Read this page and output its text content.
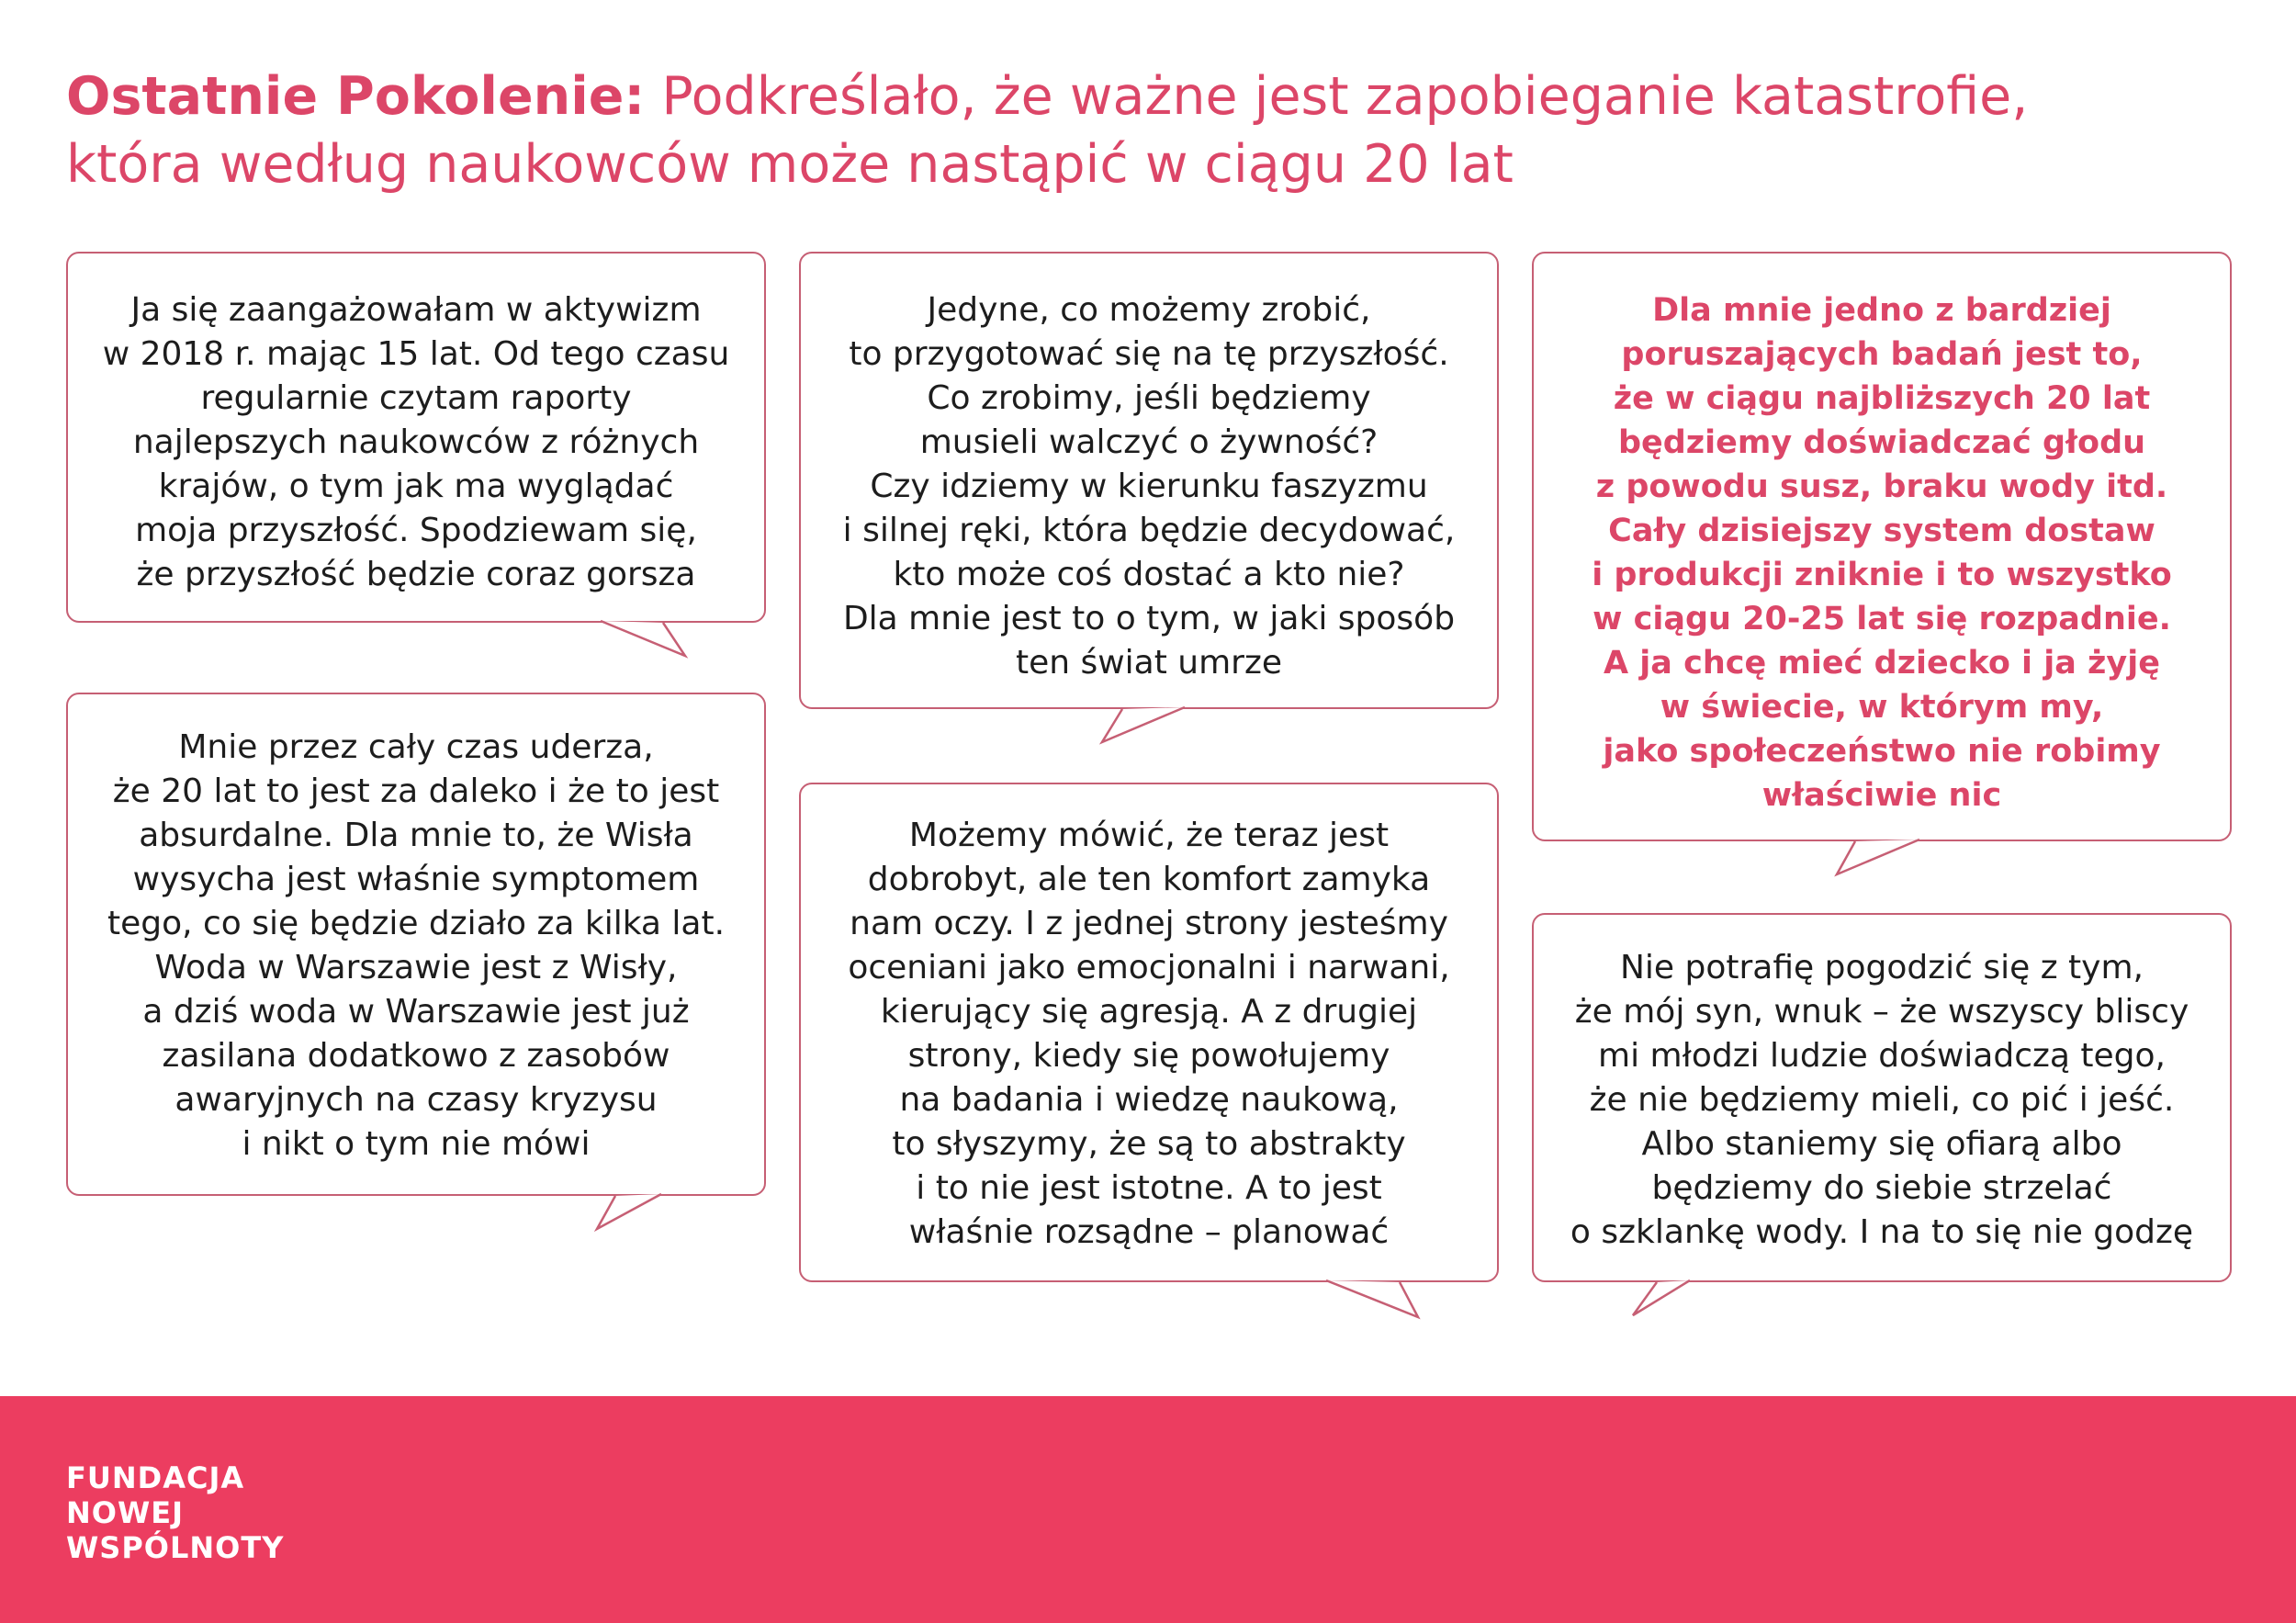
Ostatnie Pokolenie: Podkreślało, że ważne jest zapobieganie katastrofie,
która według naukowców może nastąpić w ciągu 20 lat
Ja się zaangażowałam w aktywizm
w 2018 r. mając 15 lat. Od tego czasu
regularnie czytam raporty
najlepszych naukowców z różnych
krajów, o tym jak ma wyglądać
moja przyszłość. Spodziewam się,
że przyszłość będzie coraz gorsza
Mnie przez cały czas uderza,
że 20 lat to jest za daleko i że to jest
absurdalne. Dla mnie to, że Wisła
wysycha jest właśnie symptomem
tego, co się będzie działo za kilka lat.
Woda w Warszawie jest z Wisły,
a dziś woda w Warszawie jest już
zasilana dodatkowo z zasobów
awaryjnych na czasy kryzysu
i nikt o tym nie mówi
Jedyne, co możemy zrobić,
to przygotować się na tę przyszłość.
Co zrobimy, jeśli będziemy
musieli walczyć o żywność?
Czy idziemy w kierunku faszyzmu
i silnej ręki, która będzie decydować,
kto może coś dostać a kto nie?
Dla mnie jest to o tym, w jaki sposób
ten świat umrze
Możemy mówić, że teraz jest
dobrobyt, ale ten komfort zamyka
nam oczy. I z jednej strony jesteśmy
oceniani jako emocjonalni i narwani,
kierujący się agresją. A z drugiej
strony, kiedy się powołujemy
na badania i wiedzę naukową,
to słyszymy, że są to abstrakty
i to nie jest istotne. A to jest
właśnie rozsądne – planować
Dla mnie jedno z bardziej
poruszających badań jest to,
że w ciągu najbliższych 20 lat
będziemy doświadczać głodu
z powodu susz, braku wody itd.
Cały dzisiejszy system dostaw
i produkcji zniknie i to wszystko
w ciągu 20-25 lat się rozpadnie.
A ja chcę mieć dziecko i ja żyję
w świecie, w którym my,
jako społeczeństwo nie robimy
właściwie nic
Nie potrafię pogodzić się z tym,
że mój syn, wnuk – że wszyscy bliscy
mi młodzi ludzie doświadczą tego,
że nie będziemy mieli, co pić i jeść.
Albo staniemy się ofiarą albo
będziemy do siebie strzelać
o szklankę wody. I na to się nie godzę
FUNDACJA
NOWEJ
WSPÓLNOTY
